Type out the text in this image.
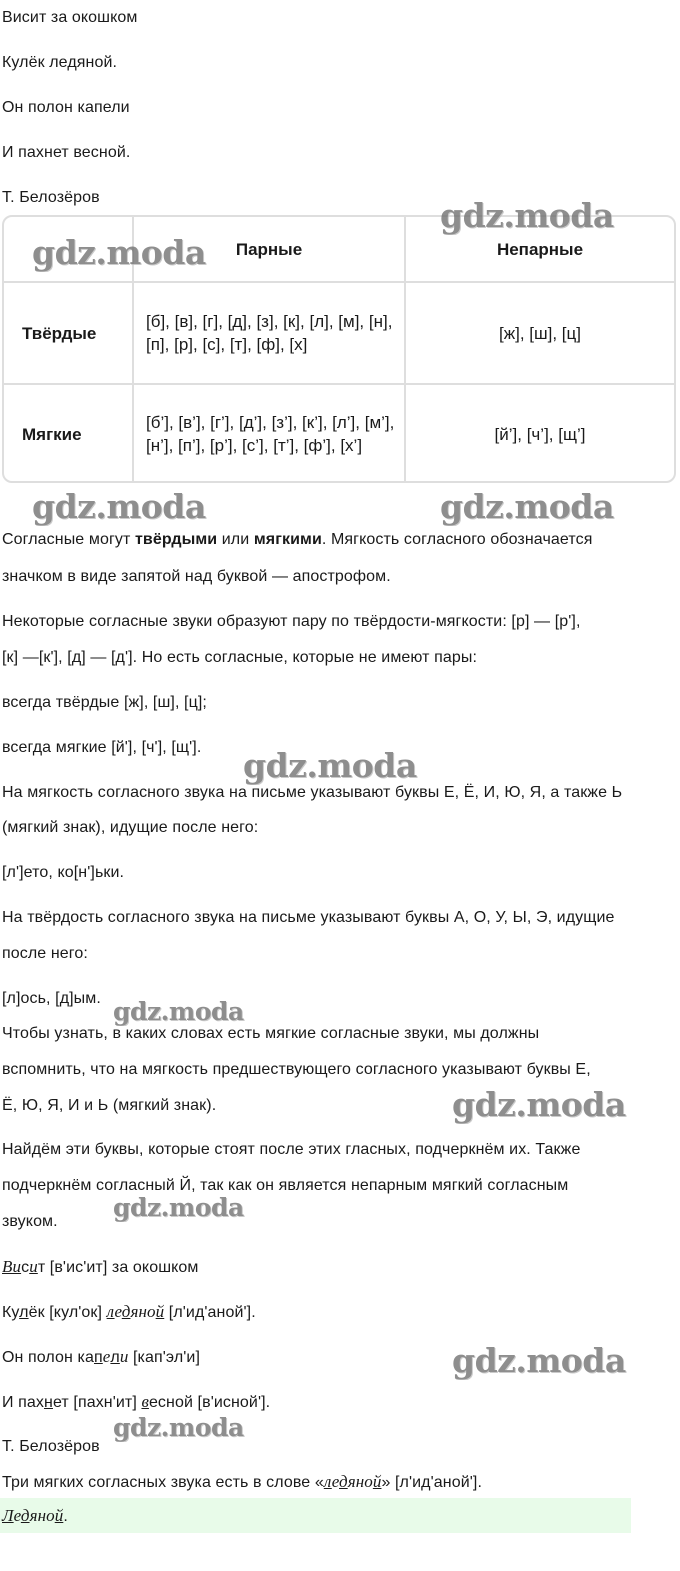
Висит за окошком
Кулёк ледяной.
Он полон капели
И пахнет весной.
Т. Белозёров
Парные	Непарные
Твёрдые
[б], [в], [г], [д], [з], [к], [л], [м], [н], [п], [р], [с], [т], [ф], [х]
[ж], [ш], [ц]
Мягкие
[б’], [в’], [г’], [д’], [з’], [к’], [л’], [м’], [н’], [п’], [р’], [с’], [т’], [ф’], [х’]
[й’], [ч’], [щ’]
Согласные могут твёрдыми или мягкими. Мягкость согласного обозначается
значком в виде запятой над буквой — апострофом.
Некоторые согласные звуки образуют пару по твёрдости-мягкости: [р] — [р'],
[к] —[к'], [д] — [д']. Но есть согласные, которые не имеют пары:
всегда твёрдые [ж], [ш], [ц];
всегда мягкие [й'], [ч'], [щ'].
На мягкость согласного звука на письме указывают буквы Е, Ё, И, Ю, Я, а также Ь
(мягкий знак), идущие после него:
[л']ето, ко[н']ьки.
На твёрдость согласного звука на письме указывают буквы А, О, У, Ы, Э, идущие
после него:
[л]ось, [д]ым.
Чтобы узнать, в каких словах есть мягкие согласные звуки, мы должны
вспомнить, что на мягкость предшествующего согласного указывают буквы Е,
Ё, Ю, Я, И и Ь (мягкий знак).
Найдём эти буквы, которые стоят после этих гласных, подчеркнём их. Также
подчеркнём согласный Й, так как он является непарным мягкий согласным
звуком.
Висит [в'ис'ит] за окошком
Кулёк [кул'ок] ледяной [л'ид'аной'].
Он полон капели [кап'эл'и]
И пахнет [пахн'ит] весной [в'исной'].
Т. Белозёров
Три мягких согласных звука есть в слове «ледяной» [л'ид'аной'].
Ледяной.
gdz.moda
gdz.moda
gdz.moda	gdz.moda
gdz.moda
gdz.moda
gdz.moda
gdz.moda
gdz.moda
gdz.moda
